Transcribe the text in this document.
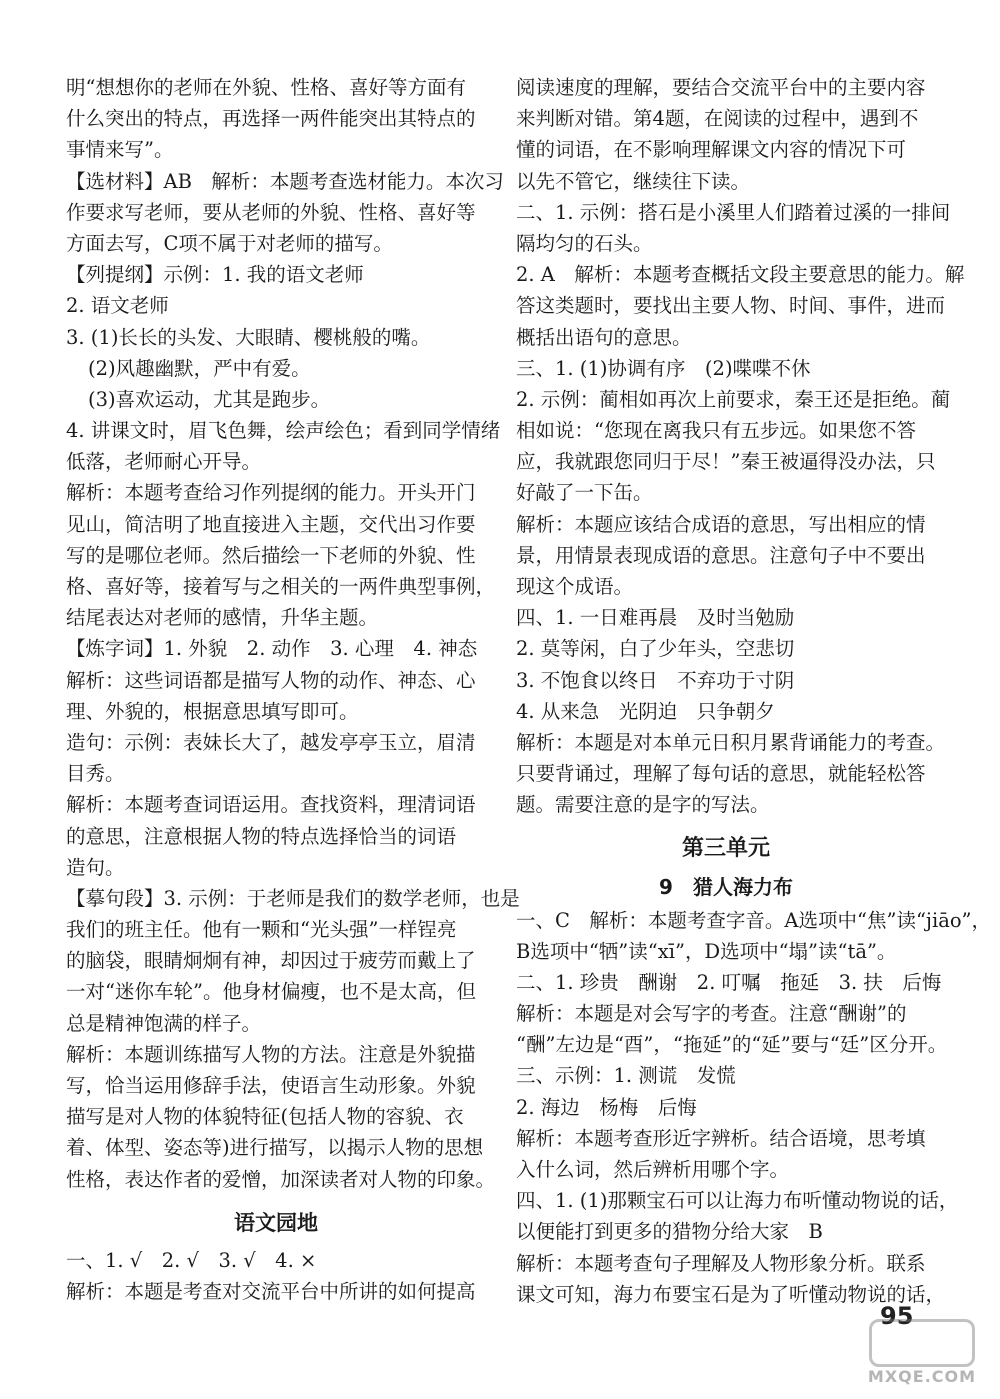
明“想想你的老师在外貌、性格、喜好等方面有
什么突出的特点，再选择一两件能突出其特点的
事情来写”。
【选材料】AB　解析：本题考查选材能力。本次习
作要求写老师，要从老师的外貌、性格、喜好等
方面去写，C项不属于对老师的描写。
【列提纲】示例：1. 我的语文老师
2. 语文老师
3. (1)长长的头发、大眼睛、樱桃般的嘴。
(2)风趣幽默，严中有爱。
(3)喜欢运动，尤其是跑步。
4. 讲课文时，眉飞色舞，绘声绘色；看到同学情绪
低落，老师耐心开导。
解析：本题考查给习作列提纲的能力。开头开门
见山，简洁明了地直接进入主题，交代出习作要
写的是哪位老师。然后描绘一下老师的外貌、性
格、喜好等，接着写与之相关的一两件典型事例，
结尾表达对老师的感情，升华主题。
【炼字词】1. 外貌　2. 动作　3. 心理　4. 神态
解析：这些词语都是描写人物的动作、神态、心
理、外貌的，根据意思填写即可。
造句：示例：表妹长大了，越发亭亭玉立，眉清
目秀。
解析：本题考查词语运用。查找资料，理清词语
的意思，注意根据人物的特点选择恰当的词语
造句。
【摹句段】3. 示例：于老师是我们的数学老师，也是
我们的班主任。他有一颗和“光头强”一样锃亮
的脑袋，眼睛炯炯有神，却因过于疲劳而戴上了
一对“迷你车轮”。他身材偏瘦，也不是太高，但
总是精神饱满的样子。
解析：本题训练描写人物的方法。注意是外貌描
写，恰当运用修辞手法，使语言生动形象。外貌
描写是对人物的体貌特征(包括人物的容貌、衣
着、体型、姿态等)进行描写，以揭示人物的思想
性格，表达作者的爱憎，加深读者对人物的印象。
语文园地
一、1. √　2. √　3. √　4. ×
解析：本题是考查对交流平台中所讲的如何提高
阅读速度的理解，要结合交流平台中的主要内容
来判断对错。第4题，在阅读的过程中，遇到不
懂的词语，在不影响理解课文内容的情况下可
以先不管它，继续往下读。
二、1. 示例：搭石是小溪里人们踏着过溪的一排间
隔均匀的石头。
2. A　解析：本题考查概括文段主要意思的能力。解
答这类题时，要找出主要人物、时间、事件，进而
概括出语句的意思。
三、1. (1)协调有序　(2)喋喋不休
2. 示例：蔺相如再次上前要求，秦王还是拒绝。蔺
相如说：“您现在离我只有五步远。如果您不答
应，我就跟您同归于尽！”秦王被逼得没办法，只
好敲了一下缶。
解析：本题应该结合成语的意思，写出相应的情
景，用情景表现成语的意思。注意句子中不要出
现这个成语。
四、1. 一日难再晨　及时当勉励
2. 莫等闲，白了少年头，空悲切
3. 不饱食以终日　不弃功于寸阴
4. 从来急　光阴迫　只争朝夕
解析：本题是对本单元日积月累背诵能力的考查。
只要背诵过，理解了每句话的意思，就能轻松答
题。需要注意的是字的写法。
第三单元
9　猎人海力布
一、C　解析：本题考查字音。A选项中“焦”读“jiāo”，
B选项中“牺”读“xī”，D选项中“塌”读“tā”。
二、1. 珍贵　酬谢　2. 叮嘱　拖延　3. 扶　后悔
解析：本题是对会写字的考查。注意“酬谢”的
“酬”左边是“酉”，“拖延”的“延”要与“廷”区分开。
三、示例：1. 测谎　发慌
2. 海边　杨梅　后悔
解析：本题考查形近字辨析。结合语境，思考填
入什么词，然后辨析用哪个字。
四、1. (1)那颗宝石可以让海力布听懂动物说的话，
以便能打到更多的猎物分给大家　B
解析：本题考查句子理解及人物形象分析。联系
课文可知，海力布要宝石是为了听懂动物说的话，
95
MXQE.COM
